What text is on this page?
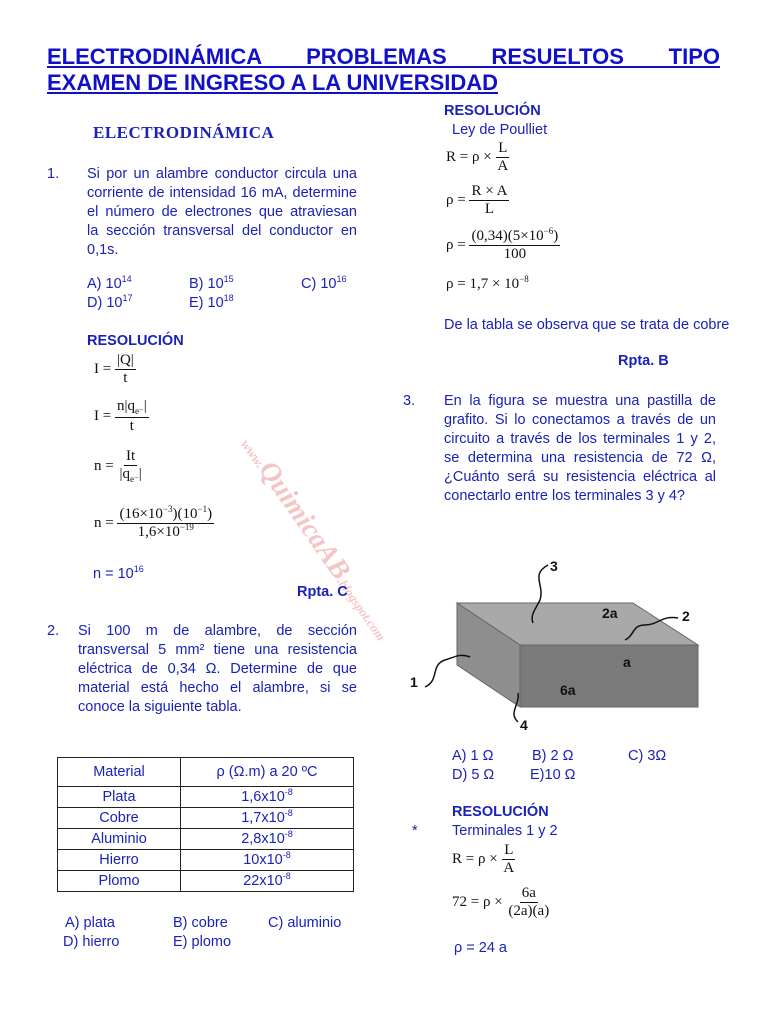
ELECTRODINÁMICA PROBLEMAS RESUELTOS TIPO
EXAMEN DE INGRESO A LA UNIVERSIDAD
ELECTRODINÁMICA
www.QuimicaAB.blogspot.com
1. Si por un alambre conductor circula una corriente de intensidad 16 mA, determine el número de electrones que atraviesan la sección transversal del conductor en 0,1s.
A) $10^{14}$	B) $10^{15}$	C) $10^{16}$
D) $10^{17}$	E) $10^{18}$
RESOLUCIÓN
$I = \frac{|Q|}{t}$
$I = \frac{n|q_{e^-}|}{t}$
$n = \frac{It}{|q_{e^-}|}$
$n = \frac{(16\times 10^{-3})(10^{-1})}{1,6\times 10^{-19}}$
$n = 10^{16}$
Rpta. C
2. Si 100 m de alambre, de sección transversal 5 mm² tiene una resistencia eléctrica de 0,34 Ω. Determine de que material está hecho el alambre, si se conoce la siguiente tabla.
Material	ρ (Ω.m) a 20 ºC
Plata	$1,6x10^{-8}$
Cobre	$1,7x10^{-8}$
Aluminio	$2,8x10^{-8}$
Hierro	$10x10^{-8}$
Plomo	$22x10^{-8}$
A) plata	B) cobre	C) aluminio
D) hierro	E) plomo
RESOLUCIÓN
Ley de Poulliet
$R = \rho \times \frac{L}{A}$
$\rho = \frac{R \times A}{L}$
$\rho = \frac{(0,34)(5\times 10^{-6})}{100}$
$\rho = 1,7 \times 10^{-8}$
De la tabla se observa que se trata de cobre
Rpta. B
3. En la figura se muestra una pastilla de grafito. Si lo conectamos a través de un circuito a través de los terminales 1 y 2, se determina una resistencia de 72 Ω, ¿Cuánto será su resistencia eléctrica al conectarlo entre los terminales 3 y 4?
3
2
1
4
2a
a
6a
A) 1 Ω	B) 2 Ω	C) 3Ω
D) 5 Ω E)10 Ω
RESOLUCIÓN
* Terminales 1 y 2
$R = \rho \times \frac{L}{A}$
$72 = \rho \times \frac{6a}{(2a)(a)}$
ρ = 24 a
